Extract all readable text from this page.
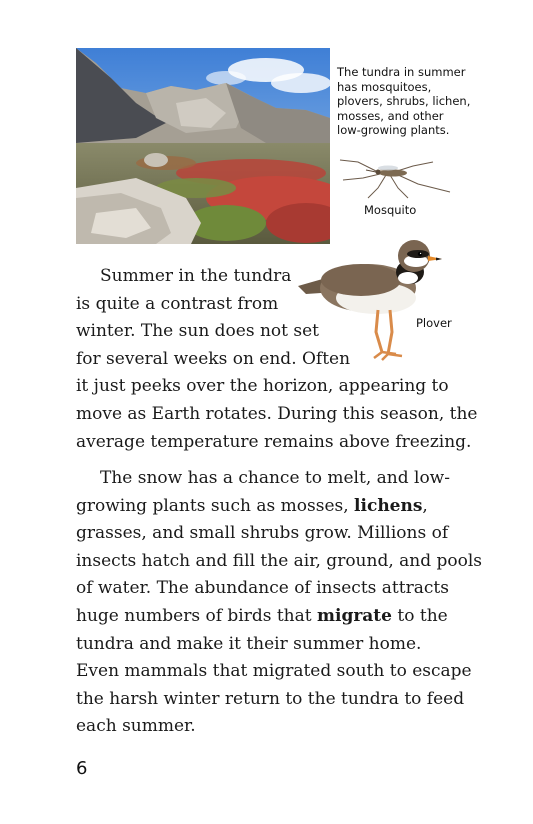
The tundra in summer
has mosquitoes,
plovers, shrubs, lichen,
mosses, and other
low-growing plants.

Mosquito
Plover

Summer in the tundra
is quite a contrast from
winter. The sun does not set
for several weeks on end. Often
it just peeks over the horizon, appearing to
move as Earth rotates. During this season, the
average temperature remains above freezing.

The snow has a chance to melt, and low-
growing plants such as mosses, lichens,
grasses, and small shrubs grow. Millions of
insects hatch and fill the air, ground, and pools
of water. The abundance of insects attracts
huge numbers of birds that migrate to the
tundra and make it their summer home.
Even mammals that migrated south to escape
the harsh winter return to the tundra to feed
each summer.

6
